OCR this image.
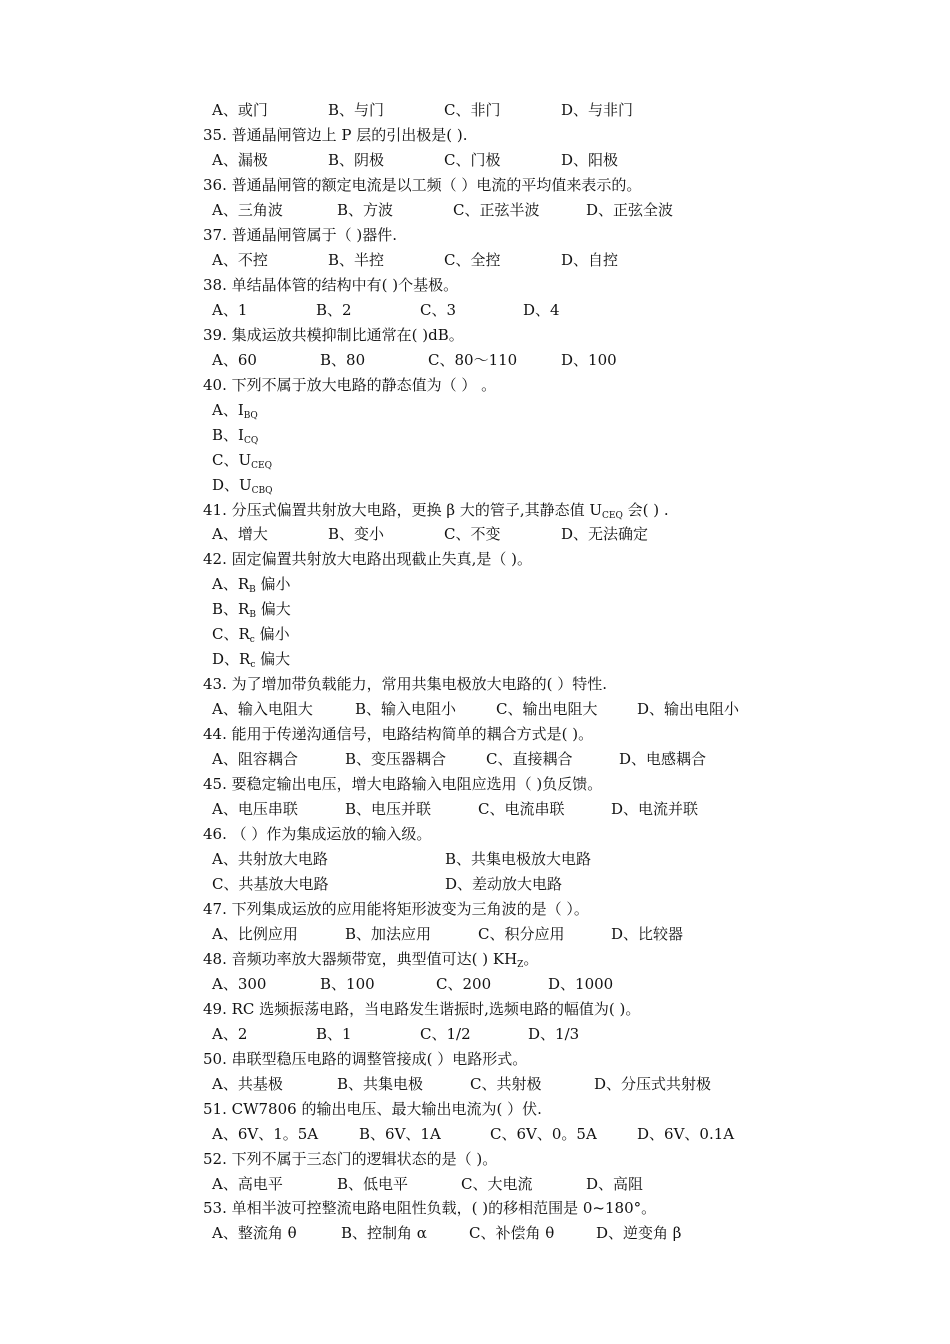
A、或门	B、与门	C、非门	D、与非门
35. 普通晶闸管边上 P 层的引出极是( ).
A、漏极	B、阴极	C、门极	D、阳极
36. 普通晶闸管的额定电流是以工频（ ）电流的平均值来表示的。
A、三角波	B、方波	C、正弦半波	D、正弦全波
37. 普通晶闸管属于（ )器件.
A、不控	B、半控	C、全控	D、自控
38. 单结晶体管的结构中有( )个基极。
A、1	B、2	C、3	D、4
39. 集成运放共模抑制比通常在( )dB。
A、60	B、80	C、80～110	D、100
40. 下列不属于放大电路的静态值为（ ） 。
A、$I_{BQ}$
B、$I_{CQ}$
C、$U_{CEQ}$
D、$U_{CBQ}$
41. 分压式偏置共射放大电路，更换 β 大的管子,其静态值 $U_{CEQ}$ 会( ) .
A、增大	B、变小	C、不变	D、无法确定
42. 固定偏置共射放大电路出现截止失真,是（ )。
A、$R_B$ 偏小
B、$R_B$ 偏大
C、$R_c$ 偏小
D、$R_c$ 偏大
43. 为了增加带负载能力，常用共集电极放大电路的( ）特性.
A、输入电阻大	B、输入电阻小	C、输出电阻大	D、输出电阻小
44. 能用于传递沟通信号，电路结构简单的耦合方式是( )。
A、阻容耦合	B、变压器耦合	C、直接耦合	D、电感耦合
45. 要稳定输出电压，增大电路输入电阻应选用（ )负反馈。
A、电压串联	B、电压并联	C、电流串联	D、电流并联
46. （ ）作为集成运放的输入级。
A、共射放大电路	B、共集电极放大电路
C、共基放大电路	D、差动放大电路
47. 下列集成运放的应用能将矩形波变为三角波的是（ ）。
A、比例应用	B、加法应用	C、积分应用	D、比较器
48. 音频功率放大器频带宽，典型值可达( ) $KH_Z$。
A、300	B、100	C、200	D、1000
49. RC 选频振荡电路，当电路发生谐振时,选频电路的幅值为( )。
A、2	B、1	C、1/2	D、1/3
50. 串联型稳压电路的调整管接成( ）电路形式。
A、共基极	B、共集电极	C、共射极	D、分压式共射极
51. CW7806 的输出电压、最大输出电流为( ）伏.
A、6V、1。5A	B、6V、1A	C、6V、0。5A	D、6V、0.1A
52. 下列不属于三态门的逻辑状态的是（ )。
A、高电平	B、低电平	C、大电流	D、高阻
53. 单相半波可控整流电路电阻性负载，( )的移相范围是 0~180°。
A、整流角 θ	B、控制角 α	C、补偿角 θ	D、逆变角 β
